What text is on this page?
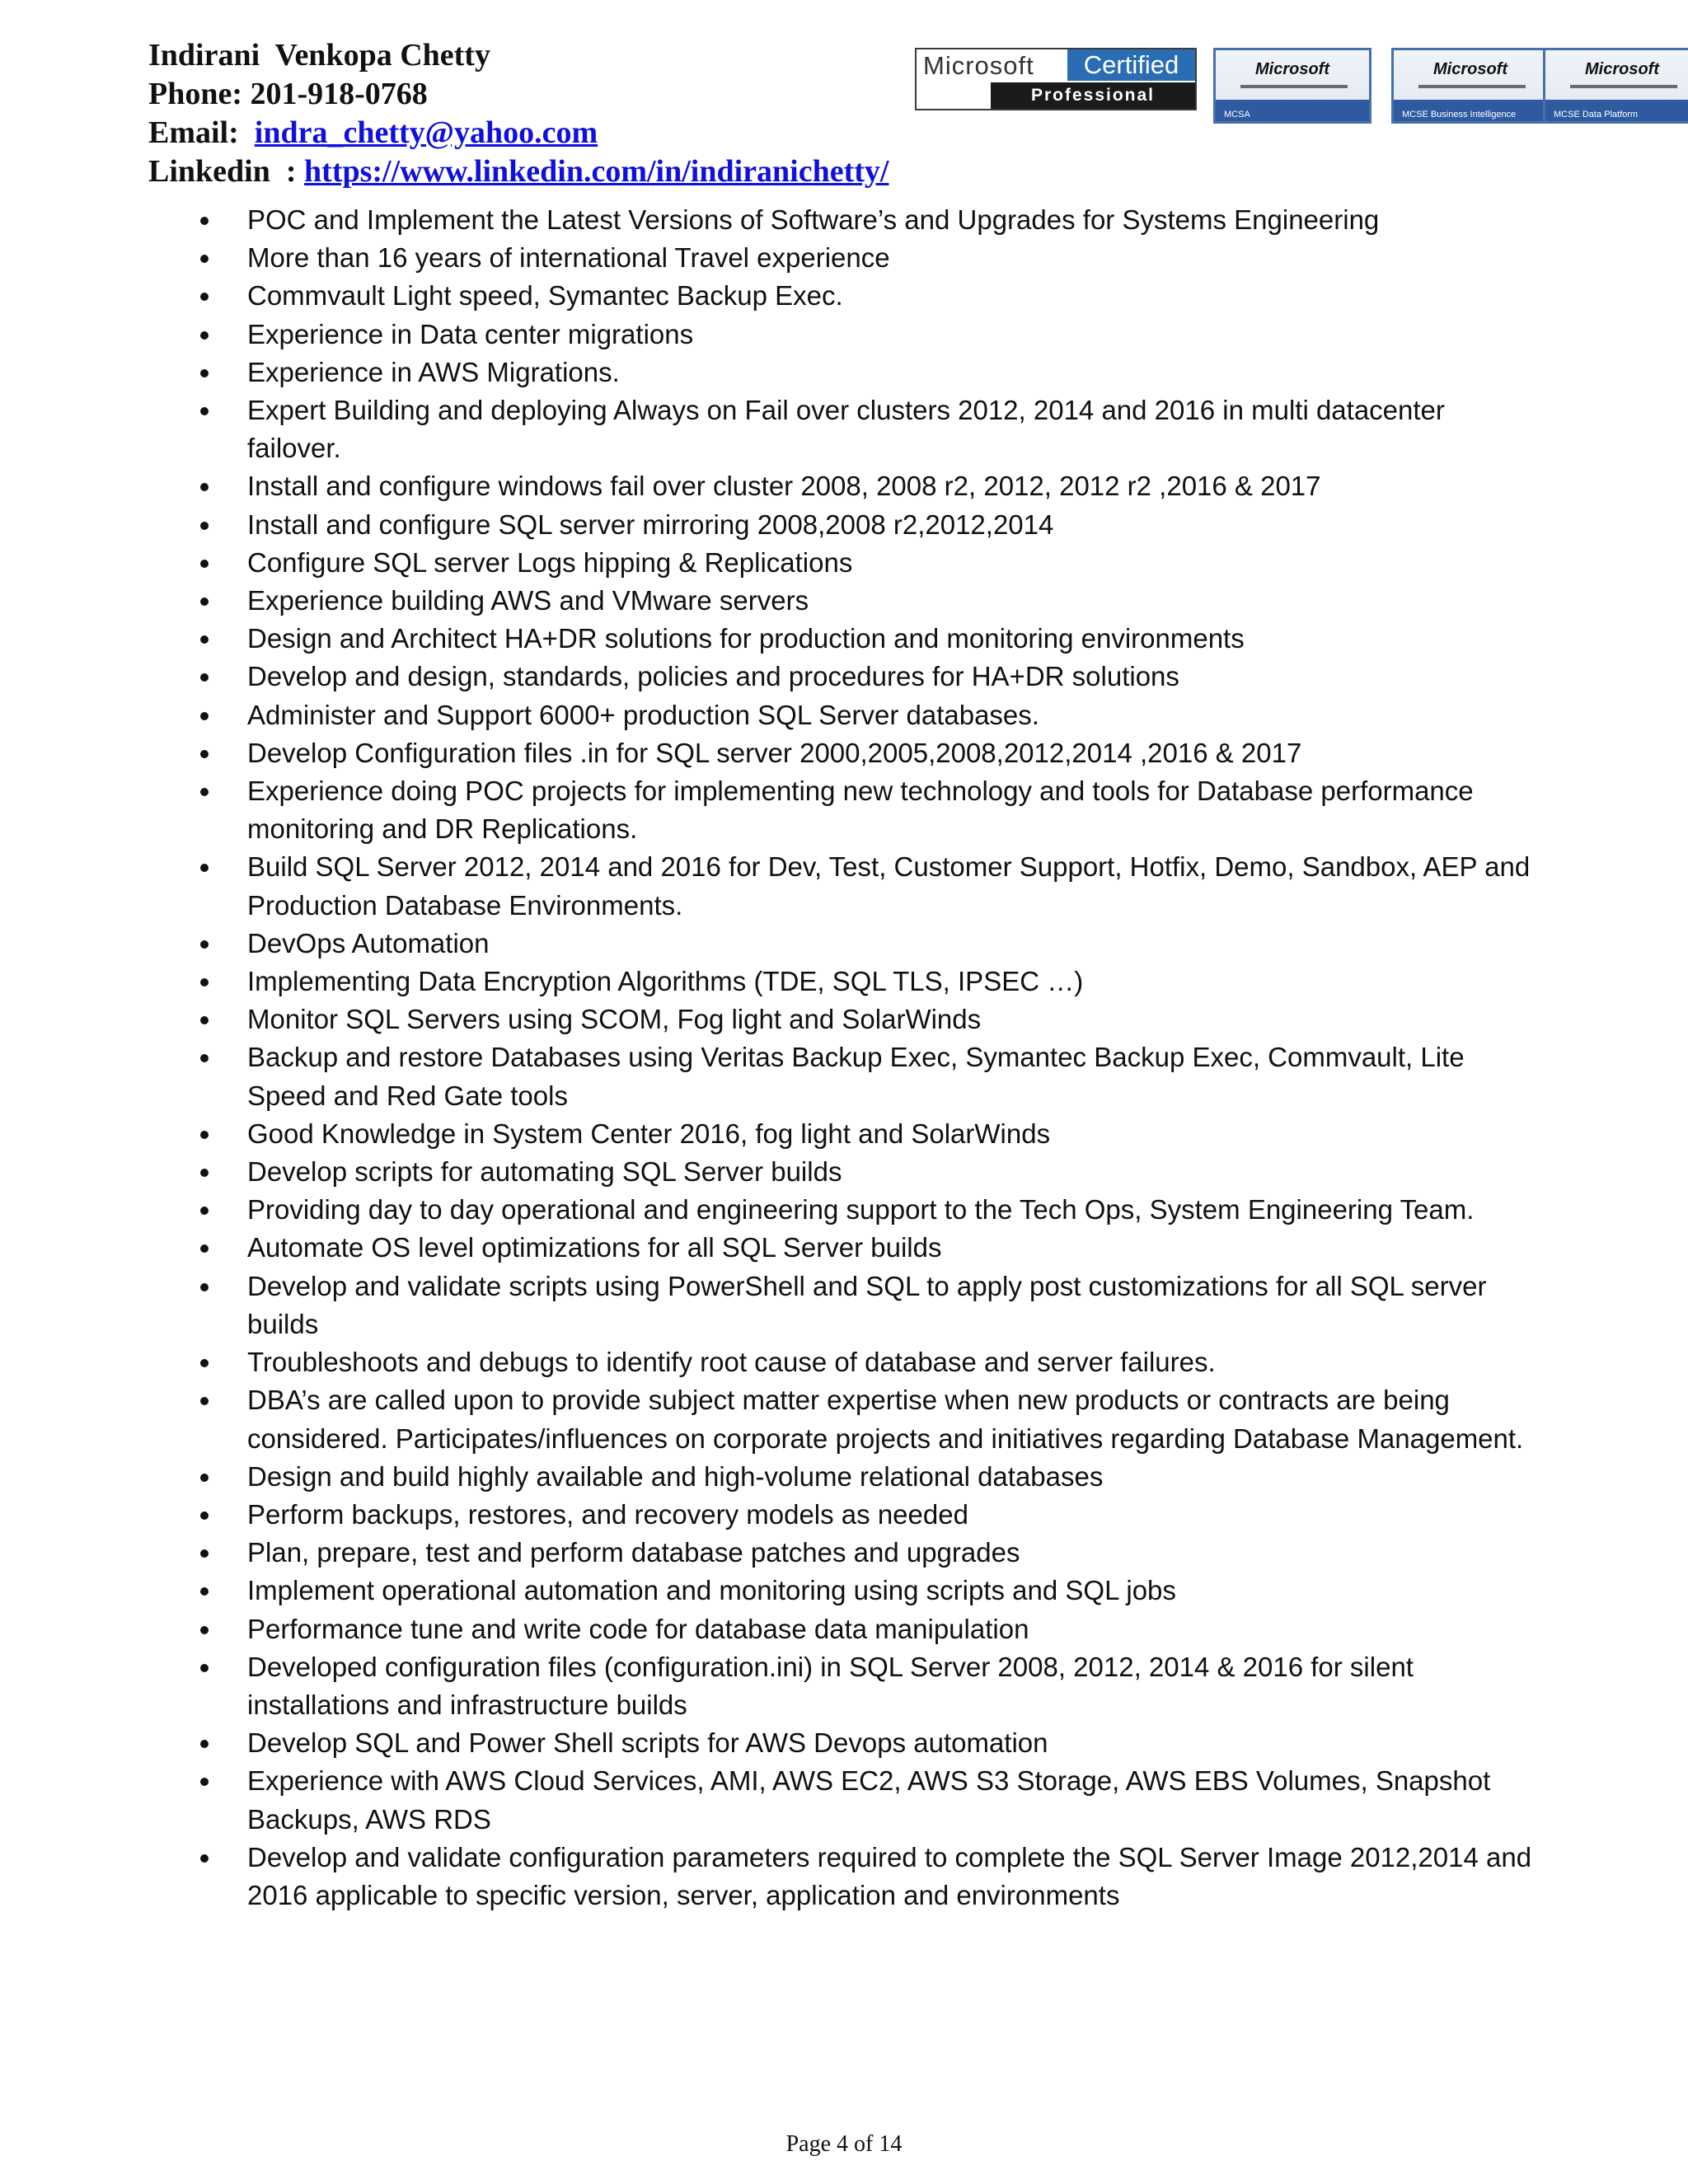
Indirani  Venkopa Chetty
Phone: 201-918-0768
Email: indra_chetty@yahoo.com
Linkedin  : https://www.linkedin.com/in/indiranichetty/
Microsoft	Certified
Professional
Microsoft
MCSA
Microsoft
MCSE Business Intelligence
Microsoft
MCSE Data Platform
POC and Implement the Latest Versions of Software’s and Upgrades for Systems Engineering
More than 16 years of international Travel experience
Commvault Light speed, Symantec Backup Exec.
Experience in Data center migrations
Experience in AWS Migrations.
Expert Building and deploying Always on Fail over clusters 2012, 2014 and 2016 in multi datacenter failover.
Install and configure windows fail over cluster 2008, 2008 r2, 2012, 2012 r2 ,2016 & 2017
Install and configure SQL server mirroring 2008,2008 r2,2012,2014
Configure SQL server Logs hipping & Replications
Experience building AWS and VMware servers
Design and Architect HA+DR solutions for production and monitoring environments
Develop and design, standards, policies and procedures for HA+DR solutions
Administer and Support 6000+ production SQL Server databases.
Develop Configuration files .in for SQL server 2000,2005,2008,2012,2014 ,2016 & 2017
Experience doing POC projects for implementing new technology and tools for Database performance monitoring and DR Replications.
Build SQL Server 2012, 2014 and 2016 for Dev, Test, Customer Support, Hotfix, Demo, Sandbox, AEP and Production Database Environments.
DevOps Automation
Implementing Data Encryption Algorithms (TDE, SQL TLS, IPSEC …)
Monitor SQL Servers using SCOM, Fog light and SolarWinds
Backup and restore Databases using Veritas Backup Exec, Symantec Backup Exec, Commvault, Lite Speed and Red Gate tools
Good Knowledge in System Center 2016, fog light and SolarWinds
Develop scripts for automating SQL Server builds
Providing day to day operational and engineering support to the Tech Ops, System Engineering Team.
Automate OS level optimizations for all SQL Server builds
Develop and validate scripts using PowerShell and SQL to apply post customizations for all SQL server builds
Troubleshoots and debugs to identify root cause of database and server failures.
DBA’s are called upon to provide subject matter expertise when new products or contracts are being considered. Participates/influences on corporate projects and initiatives regarding Database Management.
Design and build highly available and high-volume relational databases
Perform backups, restores, and recovery models as needed
Plan, prepare, test and perform database patches and upgrades
Implement operational automation and monitoring using scripts and SQL jobs
Performance tune and write code for database data manipulation
Developed configuration files (configuration.ini) in SQL Server 2008, 2012, 2014 & 2016 for silent installations and infrastructure builds
Develop SQL and Power Shell scripts for AWS Devops automation
Experience with AWS Cloud Services, AMI, AWS EC2, AWS S3 Storage, AWS EBS Volumes, Snapshot Backups, AWS RDS
Develop and validate configuration parameters required to complete the SQL Server Image 2012,2014 and 2016 applicable to specific version, server, application and environments
Page 4 of 14
